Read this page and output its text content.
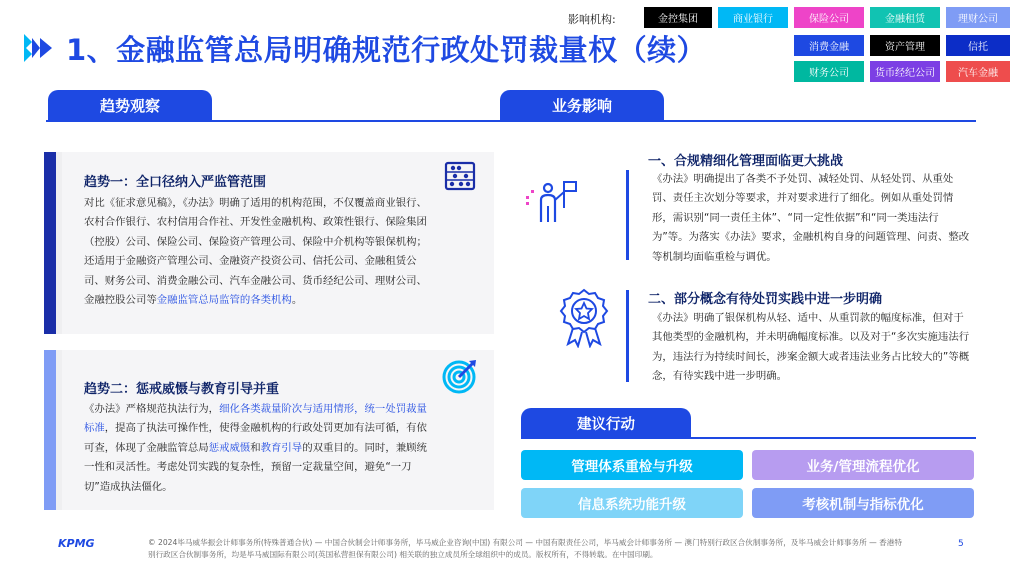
1、金融监管总局明确规范行政处罚裁量权（续）
影响机构:	金控集团	商业银行	保险公司	金融租赁	理财公司
消费金融	资产管理	信托
财务公司	货币经纪公司	汽车金融
趋势观察
趋势一：全口径纳入严监管范围
对比《征求意见稿》，《办法》明确了适用的机构范围，不仅覆盖商业银行、农村合作银行、农村信用合作社、开发性金融机构、政策性银行、保险集团（控股）公司、保险公司、保险资产管理公司、保险中介机构等银保机构；还适用于金融资产管理公司、金融资产投资公司、信托公司、金融租赁公司、财务公司、消费金融公司、汽车金融公司、货币经纪公司、理财公司、金融控股公司等金融监管总局监管的各类机构。
趋势二：惩戒威慑与教育引导并重
《办法》严格规范执法行为，细化各类裁量阶次与适用情形，统一处罚裁量标准，提高了执法可操作性，使得金融机构的行政处罚更加有法可循，有依可查，体现了金融监管总局惩戒威慑和教育引导的双重目的。同时，兼顾统一性和灵活性。考虑处罚实践的复杂性，预留一定裁量空间，避免“一刀切”造成执法僵化。
业务影响
一、合规精细化管理面临更大挑战
《办法》明确提出了各类不予处罚、减轻处罚、从轻处罚、从重处罚、责任主次划分等要求，并对要求进行了细化。例如从重处罚情形，需识别“同一责任主体”、“同一定性依据”和“同一类违法行为”等。为落实《办法》要求，金融机构自身的问题管理、问责、整改等机制均面临重检与调优。
二、部分概念有待处罚实践中进一步明确
《办法》明确了银保机构从轻、适中、从重罚款的幅度标准，但对于其他类型的金融机构，并未明确幅度标准。以及对于“多次实施违法行为，违法行为持续时间长，涉案金额大或者违法业务占比较大的”等概念，有待实践中进一步明确。
建议行动
管理体系重检与升级	业务/管理流程优化
信息系统功能升级	考核机制与指标优化
KPMG	© 2024毕马威华振会计师事务所(特殊普通合伙) — 中国合伙制会计师事务所，毕马威企业咨询(中国) 有限公司 — 中国有限责任公司，毕马威会计师事务所 — 澳门特别行政区合伙制事务所，及毕马威会计师事务所 — 香港特别行政区合伙制事务所，均是毕马威国际有限公司(英国私营担保有限公司) 相关联的独立成员所全球组织中的成员。版权所有，不得转载。在中国印刷。
5
